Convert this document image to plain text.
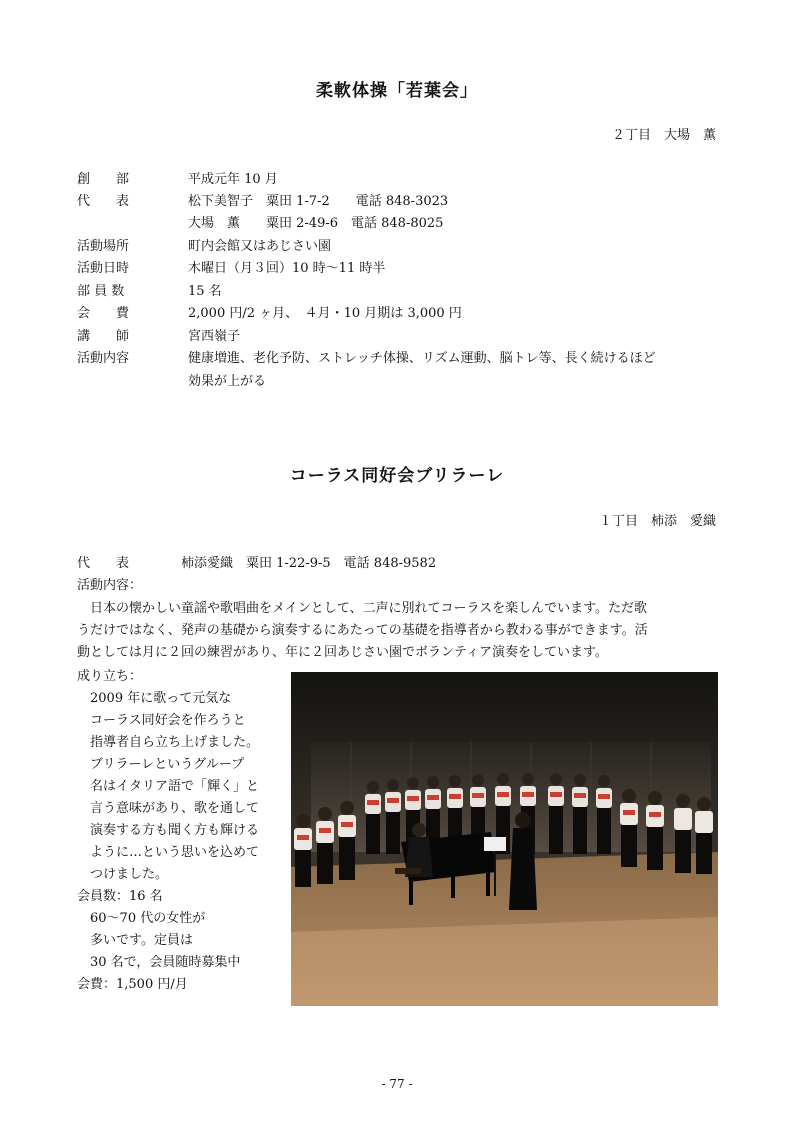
柔軟体操「若葉会」
２丁目　大場　薫
創　　部	平成元年 10 月
代　　表	松下美智子　粟田 1-7-2　　電話 848-3023
大場　薫　　粟田 2-49-6　電話 848-8025
活動場所	町内会館又はあじさい園
活動日時	木曜日（月３回）10 時～11 時半
部 員 数	15 名
会　　費	2,000 円/2 ヶ月、　４月・10 月期は 3,000 円
講　　師	宮西嶺子
活動内容	健康増進、老化予防、ストレッチ体操、リズム運動、脳トレ等、長く続けるほど
効果が上がる
コーラス同好会ブリラーレ
１丁目　柿添　愛織
代　　表　　　　柿添愛織　粟田 1-22-9-5　電話 848-9582
活動内容：
　日本の懐かしい童謡や歌唱曲をメインとして、二声に別れてコーラスを楽しんでいます。ただ歌
うだけではなく、発声の基礎から演奏するにあたっての基礎を指導者から教わる事ができます。活
動としては月に２回の練習があり、年に２回あじさい園でボランティア演奏をしています。
成り立ち：
2009 年に歌って元気な
コーラス同好会を作ろうと
指導者自ら立ち上げました。
ブリラーレというグループ
名はイタリア語で「輝く」と
言う意味があり、歌を通して
演奏する方も聞く方も輝ける
ように…という思いを込めて
つけました。
会員数：16 名
60～70 代の女性が
多いです。定員は
30 名で，会員随時募集中
会費：1,500 円/月
- 77 -
